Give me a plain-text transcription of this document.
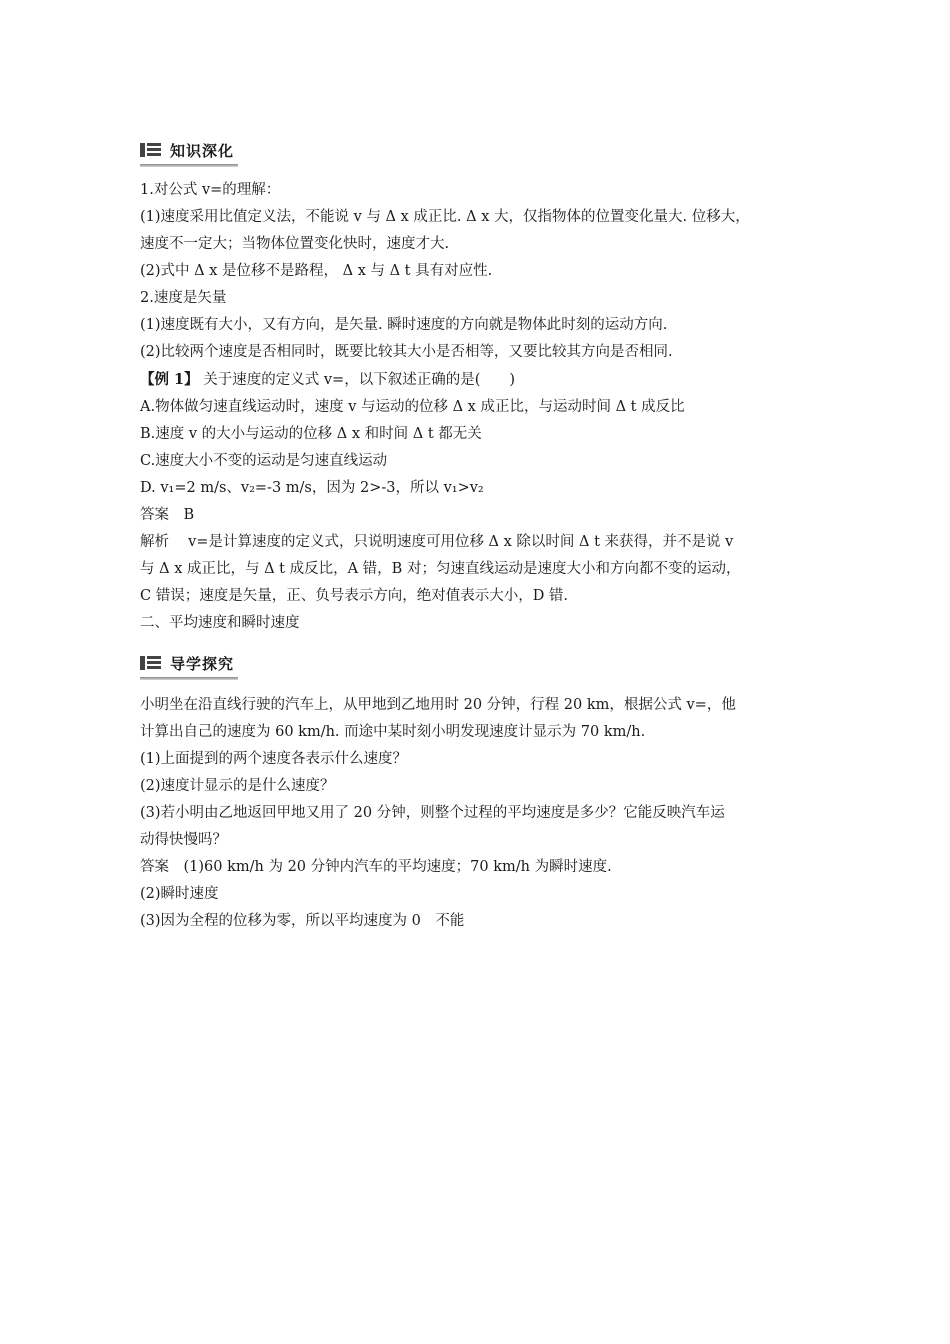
知识深化
1.对公式 v=的理解：
(1)速度采用比值定义法，不能说 v 与 Δ x 成正比. Δ x 大，仅指物体的位置变化量大. 位移大，
速度不一定大；当物体位置变化快时，速度才大.
(2)式中 Δ x 是位移不是路程， Δ x 与 Δ t 具有对应性.
2.速度是矢量
(1)速度既有大小，又有方向，是矢量. 瞬时速度的方向就是物体此时刻的运动方向.
(2)比较两个速度是否相同时，既要比较其大小是否相等，又要比较其方向是否相同.
【例 1】 关于速度的定义式 v=，以下叙述正确的是(　　)
A.物体做匀速直线运动时，速度 v 与运动的位移 Δ x 成正比，与运动时间 Δ t 成反比
B.速度 v 的大小与运动的位移 Δ x 和时间 Δ t 都无关
C.速度大小不变的运动是匀速直线运动
D. v₁=2 m/s、v₂=-3 m/s，因为 2>-3，所以 v₁>v₂
答案　B
解析　 v=是计算速度的定义式，只说明速度可用位移 Δ x 除以时间 Δ t 来获得，并不是说 v
与 Δ x 成正比，与 Δ t 成反比，A 错，B 对；匀速直线运动是速度大小和方向都不变的运动，
C 错误；速度是矢量，正、负号表示方向，绝对值表示大小，D 错.
二、平均速度和瞬时速度
导学探究
小明坐在沿直线行驶的汽车上，从甲地到乙地用时 20 分钟，行程 20 km，根据公式 v=，他
计算出自己的速度为 60 km/h. 而途中某时刻小明发现速度计显示为 70 km/h.
(1)上面提到的两个速度各表示什么速度？
(2)速度计显示的是什么速度？
(3)若小明由乙地返回甲地又用了 20 分钟，则整个过程的平均速度是多少？它能反映汽车运
动得快慢吗？
答案　(1)60 km/h 为 20 分钟内汽车的平均速度；70 km/h 为瞬时速度.
(2)瞬时速度
(3)因为全程的位移为零，所以平均速度为 0　不能
